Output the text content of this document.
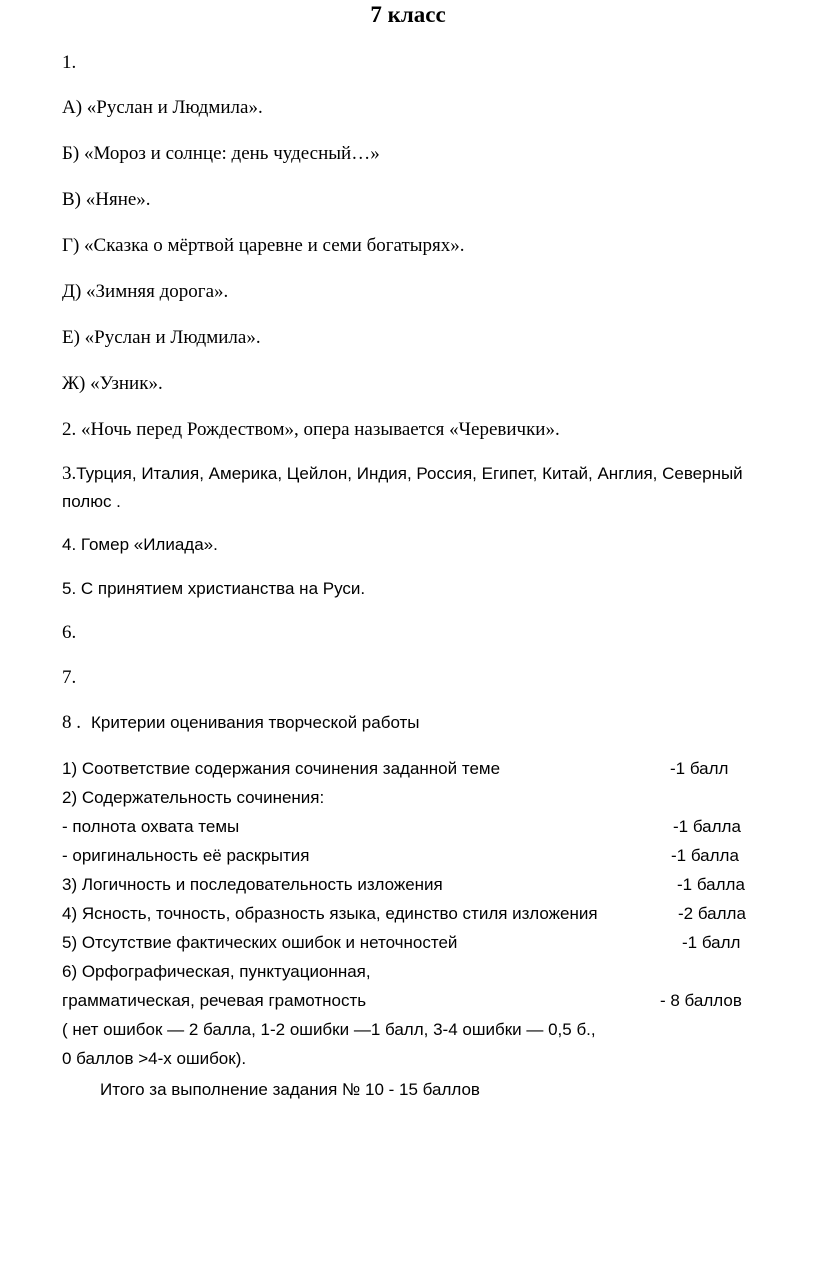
7 класс
1.
А) «Руслан и Людмила».
Б) «Мороз и солнце: день чудесный…»
В) «Няне».
Г) «Сказка о мёртвой царевне и семи богатырях».
Д) «Зимняя дорога».
Е) «Руслан и Людмила».
Ж) «Узник».
2. «Ночь перед Рождеством», опера называется «Черевички».
3.Турция, Италия, Америка, Цейлон, Индия, Россия, Египет, Китай, Англия, Северный
полюс .
4. Гомер «Илиада».
5. С принятием христианства на Руси.
6.
7.
8 . Критерии оценивания творческой работы
1) Соответствие содержания сочинения заданной теме	-1 балл
2) Содержательность сочинения:
- полнота охвата темы	-1 балла
- оригинальность её раскрытия	-1 балла
3) Логичность и последовательность изложения	-1 балла
4) Ясность, точность, образность языка, единство стиля изложения	-2 балла
5) Отсутствие фактических ошибок и неточностей	-1 балл
6) Орфографическая, пунктуационная,
грамматическая, речевая грамотность	- 8 баллов
( нет ошибок — 2 балла, 1-2 ошибки —1 балл, 3-4 ошибки — 0,5 б.,
0 баллов >4-х ошибок).
Итого за выполнение задания № 10 - 15 баллов
